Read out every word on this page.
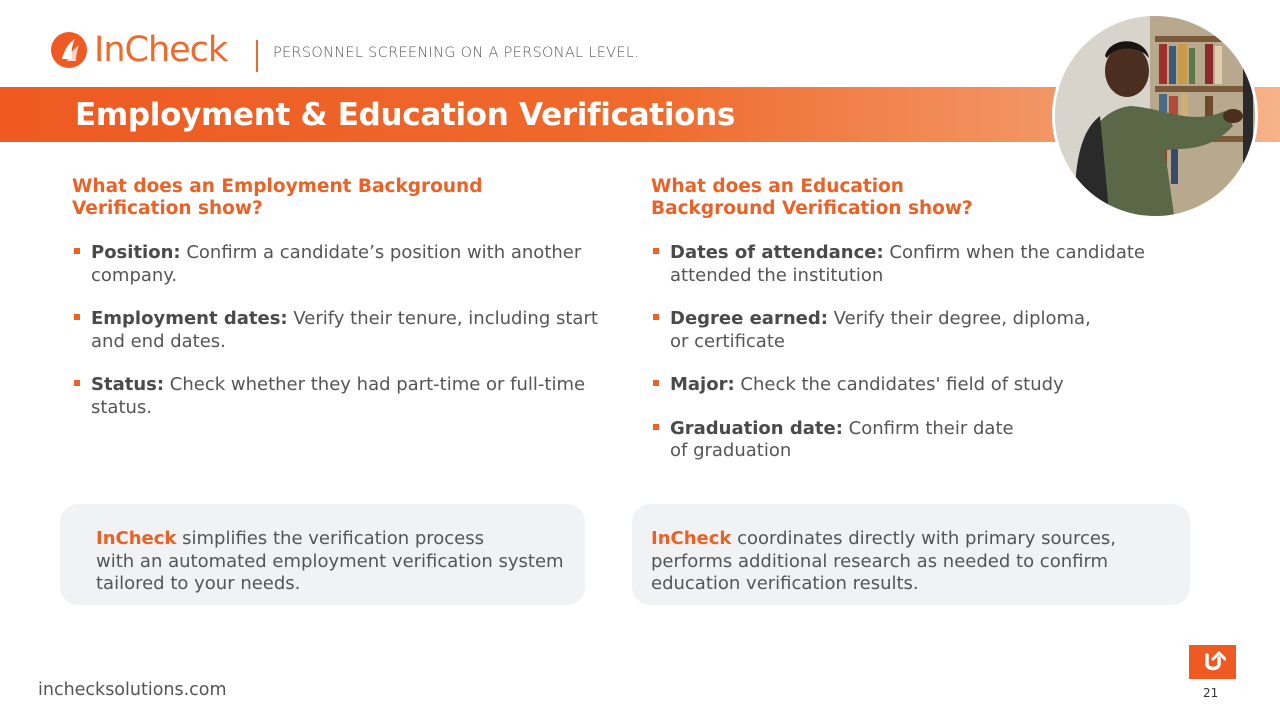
InCheck	PERSONNEL SCREENING ON A PERSONAL LEVEL.
Employment & Education Verifications
What does an Employment Background
Verification show?
Position: Confirm a candidate’s position with another company.
Employment dates: Verify their tenure, including start and end dates.
Status: Check whether they had part-time or full-time status.
What does an Education
Background Verification show?
Dates of attendance: Confirm when the candidate
attended the institution
Degree earned: Verify their degree, diploma,
or certificate
Major: Check the candidates' field of study
Graduation date: Confirm their date
of graduation
InCheck simplifies the verification process
with an automated employment verification system
tailored to your needs.
InCheck coordinates directly with primary sources,
performs additional research as needed to confirm
education verification results.
inchecksolutions.com	21
